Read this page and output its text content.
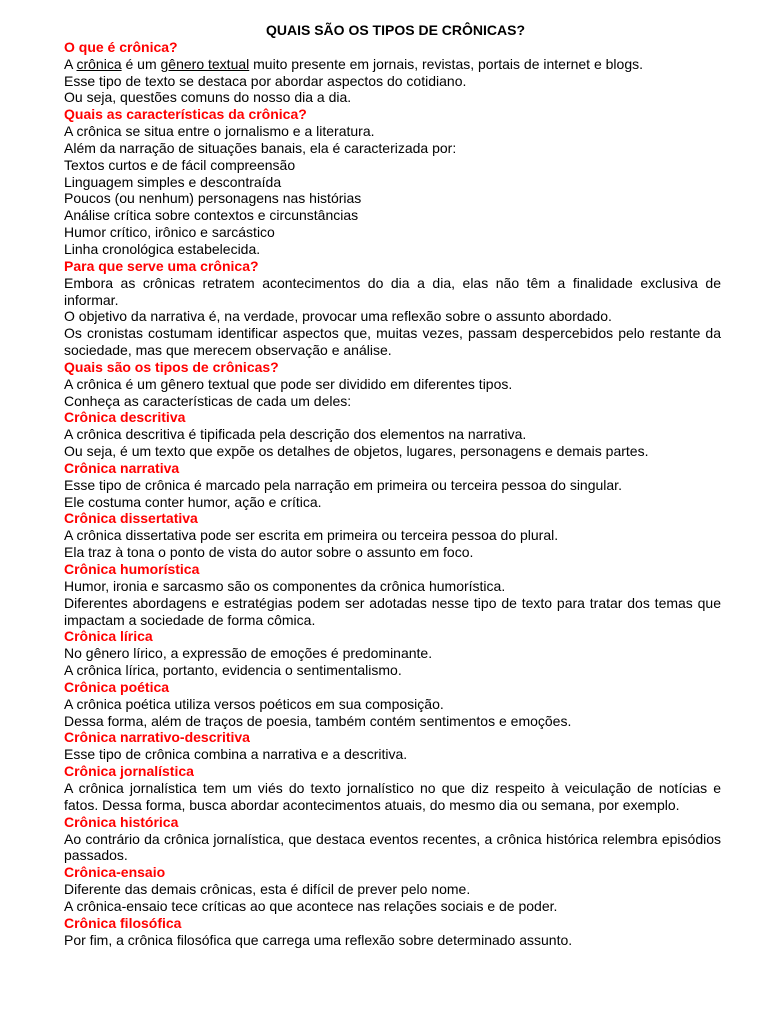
QUAIS SÃO OS TIPOS DE CRÔNICAS?

O que é crônica?

A crônica é um gênero textual muito presente em jornais, revistas, portais de internet e blogs.

Esse tipo de texto se destaca por abordar aspectos do cotidiano.

Ou seja, questões comuns do nosso dia a dia.

Quais as características da crônica?

A crônica se situa entre o jornalismo e a literatura.

Além da narração de situações banais, ela é caracterizada por:

Textos curtos e de fácil compreensão

Linguagem simples e descontraída

Poucos (ou nenhum) personagens nas histórias

Análise crítica sobre contextos e circunstâncias

Humor crítico, irônico e sarcástico

Linha cronológica estabelecida.

Para que serve uma crônica?

Embora as crônicas retratem acontecimentos do dia a dia, elas não têm a finalidade exclusiva de informar.

O objetivo da narrativa é, na verdade, provocar uma reflexão sobre o assunto abordado.

Os cronistas costumam identificar aspectos que, muitas vezes, passam despercebidos pelo restante da sociedade, mas que merecem observação e análise.

Quais são os tipos de crônicas?

A crônica é um gênero textual que pode ser dividido em diferentes tipos.

Conheça as características de cada um deles:

Crônica descritiva

A crônica descritiva é tipificada pela descrição dos elementos na narrativa.

Ou seja, é um texto que expõe os detalhes de objetos, lugares, personagens e demais partes.

Crônica narrativa

Esse tipo de crônica é marcado pela narração em primeira ou terceira pessoa do singular.

Ele costuma conter humor, ação e crítica.

Crônica dissertativa

A crônica dissertativa pode ser escrita em primeira ou terceira pessoa do plural.

Ela traz à tona o ponto de vista do autor sobre o assunto em foco.

Crônica humorística

Humor, ironia e sarcasmo são os componentes da crônica humorística.

Diferentes abordagens e estratégias podem ser adotadas nesse tipo de texto para tratar dos temas que impactam a sociedade de forma cômica.

Crônica lírica

No gênero lírico, a expressão de emoções é predominante.

A crônica lírica, portanto, evidencia o sentimentalismo.

Crônica poética

A crônica poética utiliza versos poéticos em sua composição.

Dessa forma, além de traços de poesia, também contém sentimentos e emoções.

Crônica narrativo-descritiva

Esse tipo de crônica combina a narrativa e a descritiva.

Crônica jornalística

A crônica jornalística tem um viés do texto jornalístico no que diz respeito à veiculação de notícias e fatos. Dessa forma, busca abordar acontecimentos atuais, do mesmo dia ou semana, por exemplo.

Crônica histórica

Ao contrário da crônica jornalística, que destaca eventos recentes, a crônica histórica relembra episódios passados.

Crônica-ensaio

Diferente das demais crônicas, esta é difícil de prever pelo nome.

A crônica-ensaio tece críticas ao que acontece nas relações sociais e de poder.

Crônica filosófica

Por fim, a crônica filosófica que carrega uma reflexão sobre determinado assunto.
